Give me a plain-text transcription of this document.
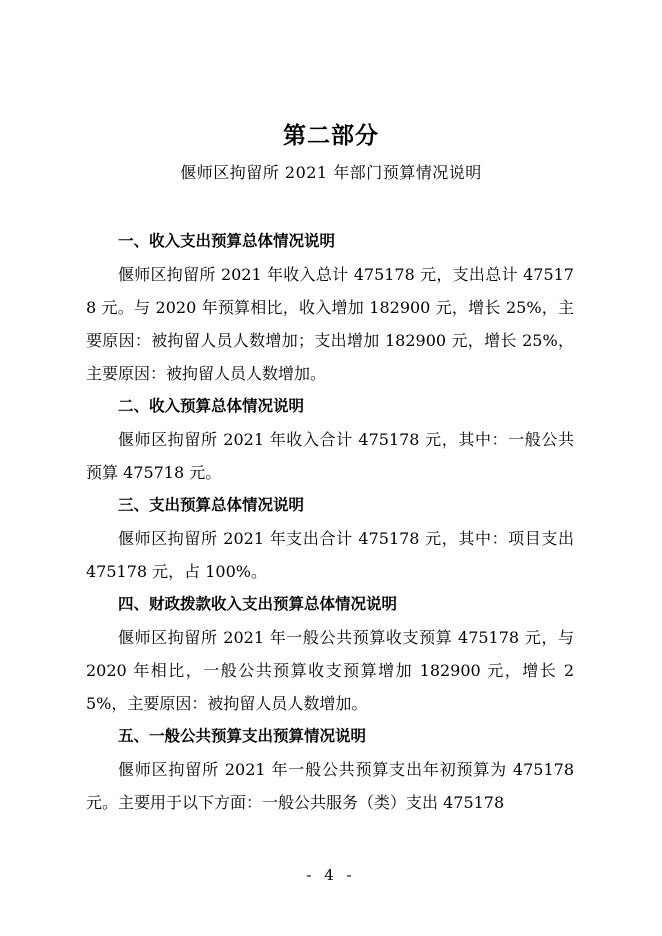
第二部分
偃师区拘留所 2021 年部门预算情况说明

一、收入支出预算总体情况说明

偃师区拘留所 2021 年收入总计 475178 元，支出总计 475178 元。与 2020 年预算相比，收入增加 182900 元，增长 25%，主要原因：被拘留人员人数增加；支出增加 182900 元，增长 25%，主要原因：被拘留人员人数增加。

二、收入预算总体情况说明

偃师区拘留所 2021 年收入合计 475178 元，其中：一般公共预算 475718 元。

三、支出预算总体情况说明

偃师区拘留所 2021 年支出合计 475178 元，其中：项目支出 475178 元，占 100%。

四、财政拨款收入支出预算总体情况说明

偃师区拘留所 2021 年一般公共预算收支预算 475178 元，与 2020 年相比，一般公共预算收支预算增加 182900 元，增长 25%，主要原因：被拘留人员人数增加。

五、一般公共预算支出预算情况说明

偃师区拘留所 2021 年一般公共预算支出年初预算为 475178 元。主要用于以下方面：一般公共服务（类）支出 475178

- 4 -
